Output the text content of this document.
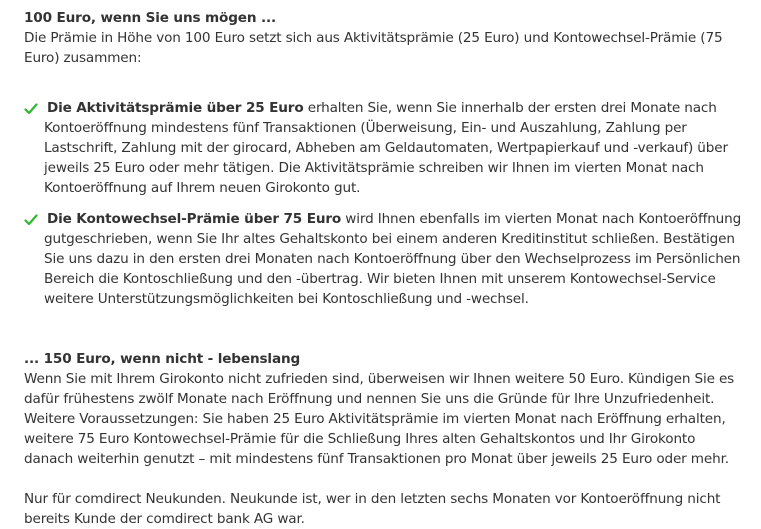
100 Euro, wenn Sie uns mögen ...

Die Prämie in Höhe von 100 Euro setzt sich aus Aktivitätsprämie (25 Euro) und Kontowechsel-Prämie (75 Euro) zusammen:

Die Aktivitätsprämie über 25 Euro erhalten Sie, wenn Sie innerhalb der ersten drei Monate nach Kontoeröffnung mindestens fünf Transaktionen (Überweisung, Ein- und Auszahlung, Zahlung per Lastschrift, Zahlung mit der girocard, Abheben am Geldautomaten, Wertpapierkauf und -verkauf) über jeweils 25 Euro oder mehr tätigen. Die Aktivitätsprämie schreiben wir Ihnen im vierten Monat nach Kontoeröffnung auf Ihrem neuen Girokonto gut.
Die Kontowechsel-Prämie über 75 Euro wird Ihnen ebenfalls im vierten Monat nach Kontoeröffnung gutgeschrieben, wenn Sie Ihr altes Gehaltskonto bei einem anderen Kreditinstitut schließen. Bestätigen Sie uns dazu in den ersten drei Monaten nach Kontoeröffnung über den Wechselprozess im Persönlichen Bereich die Kontoschließung und den -übertrag. Wir bieten Ihnen mit unserem Kontowechsel-Service weitere Unterstützungsmöglichkeiten bei Kontoschließung und -wechsel.

... 150 Euro, wenn nicht - lebenslang

Wenn Sie mit Ihrem Girokonto nicht zufrieden sind, überweisen wir Ihnen weitere 50 Euro. Kündigen Sie es dafür frühestens zwölf Monate nach Eröffnung und nennen Sie uns die Gründe für Ihre Unzufriedenheit. Weitere Voraussetzungen: Sie haben 25 Euro Aktivitätsprämie im vierten Monat nach Eröffnung erhalten, weitere 75 Euro Kontowechsel-Prämie für die Schließung Ihres alten Gehaltskontos und Ihr Girokonto danach weiterhin genutzt – mit mindestens fünf Transaktionen pro Monat über jeweils 25 Euro oder mehr.

Nur für comdirect Neukunden. Neukunde ist, wer in den letzten sechs Monaten vor Kontoeröffnung nicht bereits Kunde der comdirect bank AG war.
